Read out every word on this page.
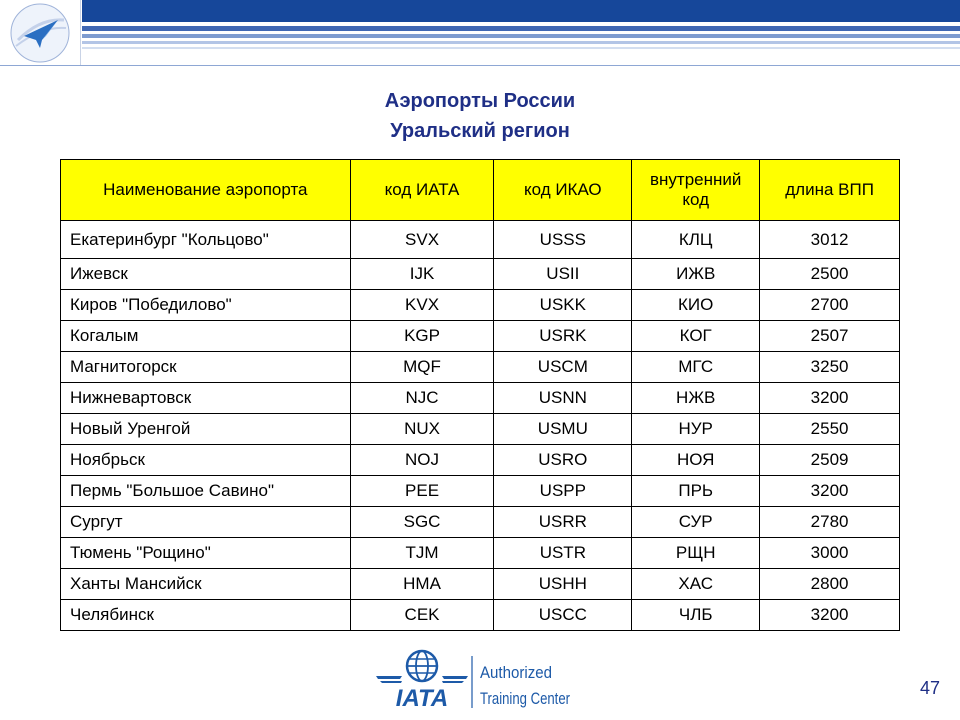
Аэропорты России
Уральский регион
Наименование аэропорта	код ИАТА	код ИКАО	внутренний код	длина ВПП
Екатеринбург "Кольцово"	SVX	USSS	КЛЦ	3012
Ижевск	IJK	USII	ИЖВ	2500
Киров "Победилово"	KVX	USKK	КИО	2700
Когалым	KGP	USRK	КОГ	2507
Магнитогорск	MQF	USCM	МГС	3250
Нижневартовск	NJC	USNN	НЖВ	3200
Новый Уренгой	NUX	USMU	НУР	2550
Ноябрьск	NOJ	USRO	НОЯ	2509
Пермь "Большое Савино"	PEE	USPP	ПРЬ	3200
Сургут	SGC	USRR	СУР	2780
Тюмень "Рощино"	TJM	USTR	РЩН	3000
Ханты Мансийск	HMA	USHH	ХАС	2800
Челябинск	CEK	USCC	ЧЛБ	3200
IATA
Authorized
Training Center
47
